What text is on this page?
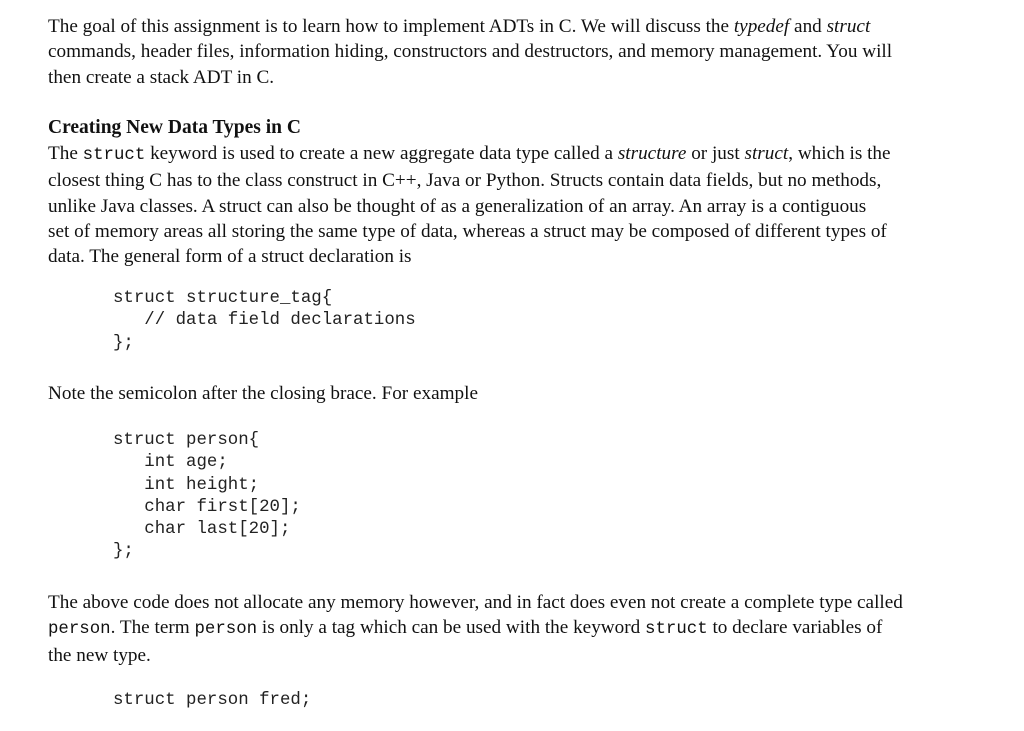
The goal of this assignment is to learn how to implement ADTs in C. We will discuss the typedef and struct
commands, header files, information hiding, constructors and destructors, and memory management. You will
then create a stack ADT in C.

Creating New Data Types in C

The struct keyword is used to create a new aggregate data type called a structure or just struct, which is the
closest thing C has to the class construct in C++, Java or Python. Structs contain data fields, but no methods,
unlike Java classes. A struct can also be thought of as a generalization of an array. An array is a contiguous
set of memory areas all storing the same type of data, whereas a struct may be composed of different types of
data. The general form of a struct declaration is

struct structure_tag{
// data field declarations
};

Note the semicolon after the closing brace. For example

struct person{
int age;
int height;
char first[20];
char last[20];
};

The above code does not allocate any memory however, and in fact does even not create a complete type called
person. The term person is only a tag which can be used with the keyword struct to declare variables of
the new type.

struct person fred;
